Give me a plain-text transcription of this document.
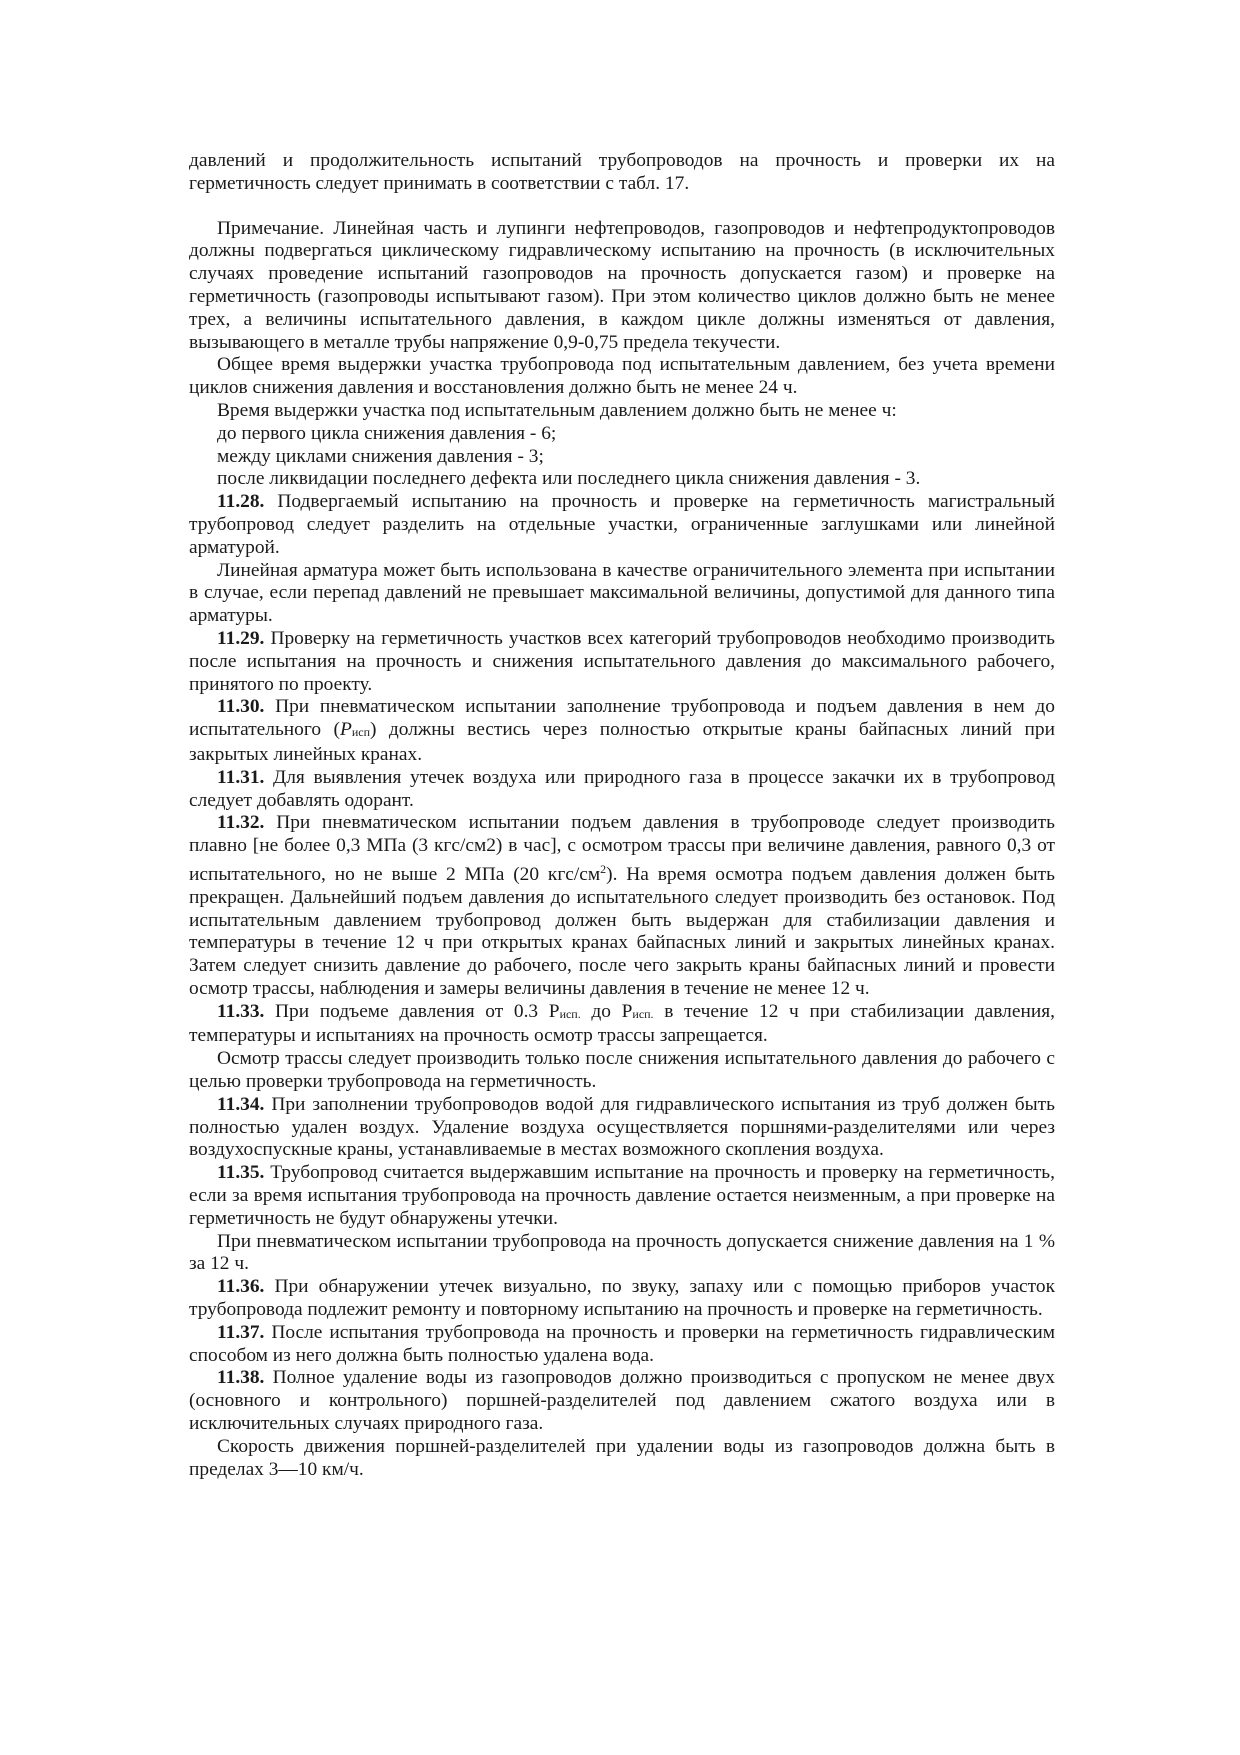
давлений и продолжительность испытаний трубопроводов на прочность и проверки их на герметичность следует принимать в соответствии с табл. 17.

Примечание. Линейная часть и лупинги нефтепроводов, газопроводов и нефтепродуктопроводов должны подвергаться циклическому гидравлическому испытанию на прочность (в исключительных случаях проведение испытаний газопроводов на прочность допускается газом) и проверке на герметичность (газопроводы испытывают газом). При этом количество циклов должно быть не менее трех, а величины испытательного давления, в каждом цикле должны изменяться от давления, вызывающего в металле трубы напряжение 0,9-0,75 предела текучести.

Общее время выдержки участка трубопровода под испытательным давлением, без учета времени циклов снижения давления и восстановления должно быть не менее 24 ч.

Время выдержки участка под испытательным давлением должно быть не менее ч:

до первого цикла снижения давления - 6;

между циклами снижения давления - 3;

после ликвидации последнего дефекта или последнего цикла снижения давления - 3.

11.28. Подвергаемый испытанию на прочность и проверке на герметичность магистральный трубопровод следует разделить на отдельные участки, ограниченные заглушками или линейной арматурой.

Линейная арматура может быть использована в качестве ограничительного элемента при испытании в случае, если перепад давлений не превышает максимальной величины, допустимой для данного типа арматуры.

11.29. Проверку на герметичность участков всех категорий трубопроводов необходимо производить после испытания на прочность и снижения испытательного давления до максимального рабочего, принятого по проекту.

11.30. При пневматическом испытании заполнение трубопровода и подъем давления в нем до испытательного (Pисп) должны вестись через полностью открытые краны байпасных линий при закрытых линейных кранах.

11.31. Для выявления утечек воздуха или природного газа в процессе закачки их в трубопровод следует добавлять одорант.

11.32. При пневматическом испытании подъем давления в трубопроводе следует производить плавно [не более 0,3 МПа (3 кгс/см2) в час], с осмотром трассы при величине давления, равного 0,3 от испытательного, но не выше 2 МПа (20 кгс/$см^2$). На время осмотра подъем давления должен быть прекращен. Дальнейший подъем давления до испытательного следует производить без остановок. Под испытательным давлением трубопровод должен быть выдержан для стабилизации давления и температуры в течение 12 ч при открытых кранах байпасных линий и закрытых линейных кранах. Затем следует снизить давление до рабочего, после чего закрыть краны байпасных линий и провести осмотр трассы, наблюдения и замеры величины давления в течение не менее 12 ч.

11.33. При подъеме давления от 0.3 Рисп. до Рисп. в течение 12 ч при стабилизации давления, температуры и испытаниях на прочность осмотр трассы запрещается.

Осмотр трассы следует производить только после снижения испытательного давления до рабочего с целью проверки трубопровода на герметичность.

11.34. При заполнении трубопроводов водой для гидравлического испытания из труб должен быть полностью удален воздух. Удаление воздуха осуществляется поршнями-разделителями или через воздухоспускные краны, устанавливаемые в местах возможного скопления воздуха.

11.35. Трубопровод считается выдержавшим испытание на прочность и проверку на герметичность, если за время испытания трубопровода на прочность давление остается неизменным, а при проверке на герметичность не будут обнаружены утечки.

При пневматическом испытании трубопровода на прочность допускается снижение давления на 1 % за 12 ч.

11.36. При обнаружении утечек визуально, по звуку, запаху или с помощью приборов участок трубопровода подлежит ремонту и повторному испытанию на прочность и проверке на герметичность.

11.37. После испытания трубопровода на прочность и проверки на герметичность гидравлическим способом из него должна быть полностью удалена вода.

11.38. Полное удаление воды из газопроводов должно производиться с пропуском не менее двух (основного и контрольного) поршней-разделителей под давлением сжатого воздуха или в исключительных случаях природного газа.

Скорость движения поршней-разделителей при удалении воды из газопроводов должна быть в пределах 3—10 км/ч.
